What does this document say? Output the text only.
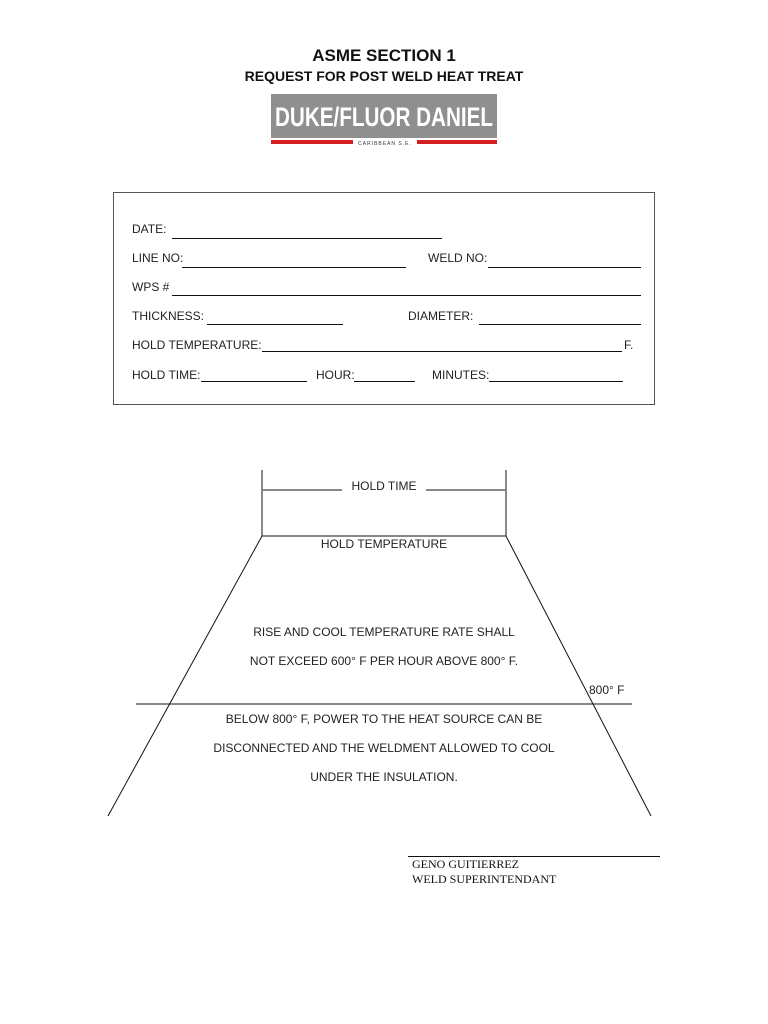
ASME SECTION 1
REQUEST FOR POST WELD HEAT TREAT
DUKE/FLUOR DANIEL
CARIBBEAN S.E.
DATE:
LINE NO:	WELD NO:
WPS #
THICKNESS:	DIAMETER:
HOLD TEMPERATURE:	F.
HOLD TIME:	HOUR:	MINUTES:
HOLD TIME
HOLD TEMPERATURE
RISE AND COOL TEMPERATURE RATE SHALL
NOT EXCEED 600° F PER HOUR ABOVE 800° F.
800° F
BELOW 800° F, POWER TO THE HEAT SOURCE CAN BE
DISCONNECTED AND THE WELDMENT ALLOWED TO COOL
UNDER THE INSULATION.
GENO GUITIERREZ
WELD SUPERINTENDANT
